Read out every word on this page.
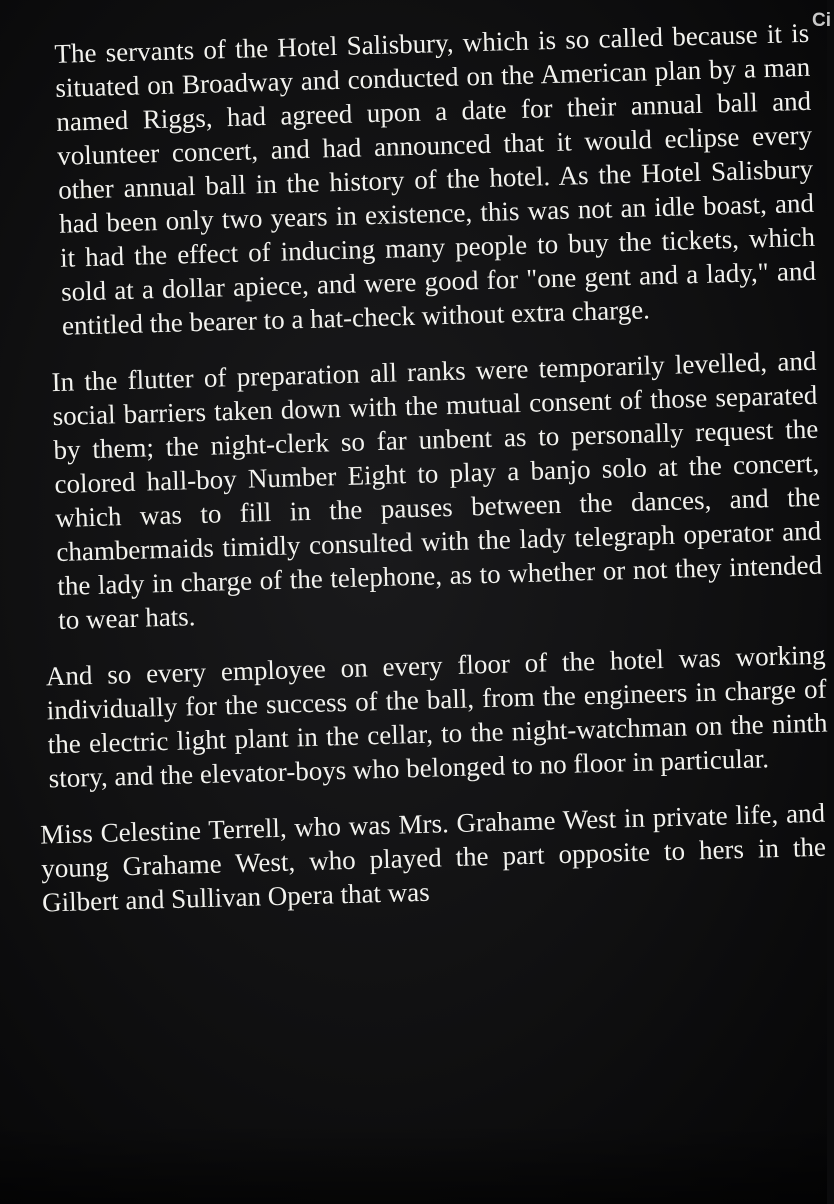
Ci

The servants of the Hotel Salisbury, which is so called because it is situated on Broadway and conducted on the American plan by a man named Riggs, had agreed upon a date for their annual ball and volunteer concert, and had announced that it would eclipse every other annual ball in the history of the hotel. As the Hotel Salisbury had been only two years in existence, this was not an idle boast, and it had the effect of inducing many people to buy the tickets, which sold at a dollar apiece, and were good for "one gent and a lady," and entitled the bearer to a hat-check without extra charge.

In the flutter of preparation all ranks were temporarily levelled, and social barriers taken down with the mutual consent of those separated by them; the night-clerk so far unbent as to personally request the colored hall-boy Number Eight to play a banjo solo at the concert, which was to fill in the pauses between the dances, and the chambermaids timidly consulted with the lady telegraph operator and the lady in charge of the telephone, as to whether or not they intended to wear hats.

And so every employee on every floor of the hotel was working individually for the success of the ball, from the engineers in charge of the electric light plant in the cellar, to the night-watchman on the ninth story, and the elevator-boys who belonged to no floor in particular.

Miss Celestine Terrell, who was Mrs. Grahame West in private life, and young Grahame West, who played the part opposite to hers in the Gilbert and Sullivan Opera that was
